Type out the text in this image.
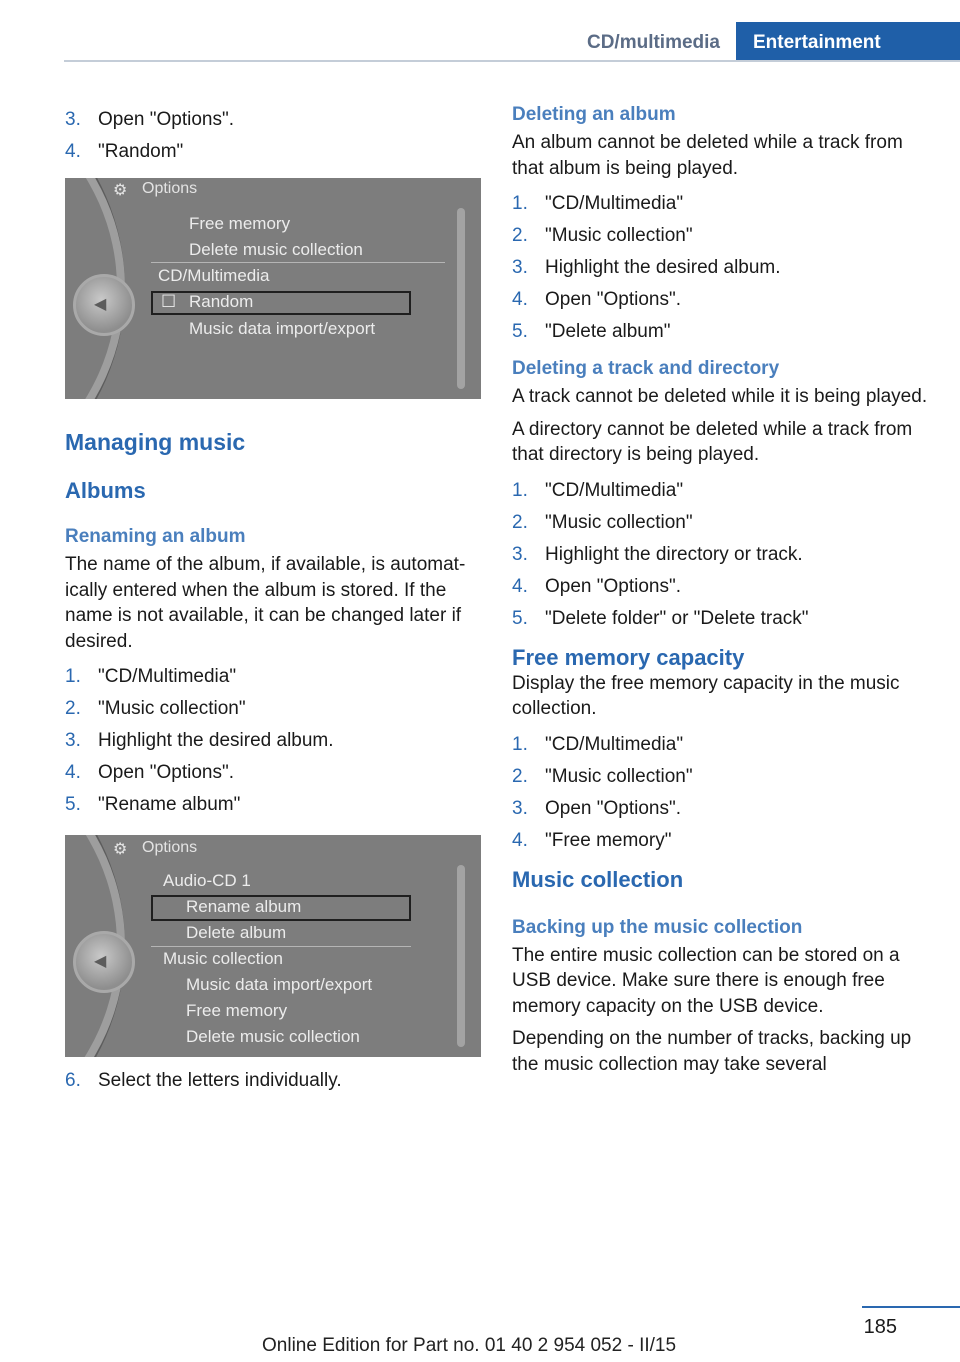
CD/multimedia	Entertainment
3. Open "Options".
4. "Random"
◀
⚙ Options
Free memory
Delete music collection
CD/Multimedia
☐ Random
Music data import/export
Managing music
Albums
Renaming an album

The name of the album, if available, is automatically entered when the album is stored. If the name is not available, it can be changed later if desired.

1. "CD/Multimedia"
2. "Music collection"
3. Highlight the desired album.
4. Open "Options".
5. "Rename album"
◀
⚙ Options
Audio-CD 1
Rename album
Delete album
Music collection
Music data import/export
Free memory
Delete music collection
6. Select the letters individually.
Deleting an album

An album cannot be deleted while a track from that album is being played.

1. "CD/Multimedia"
2. "Music collection"
3. Highlight the desired album.
4. Open "Options".
5. "Delete album"
Deleting a track and directory

A track cannot be deleted while it is being played.

A directory cannot be deleted while a track from that directory is being played.

1. "CD/Multimedia"
2. "Music collection"
3. Highlight the directory or track.
4. Open "Options".
5. "Delete folder" or "Delete track"
Free memory capacity

Display the free memory capacity in the music collection.

1. "CD/Multimedia"
2. "Music collection"
3. Open "Options".
4. "Free memory"
Music collection
Backing up the music collection

The entire music collection can be stored on a USB device. Make sure there is enough free memory capacity on the USB device.

Depending on the number of tracks, backing up the music collection may take several

185
Online Edition for Part no. 01 40 2 954 052 - II/15
